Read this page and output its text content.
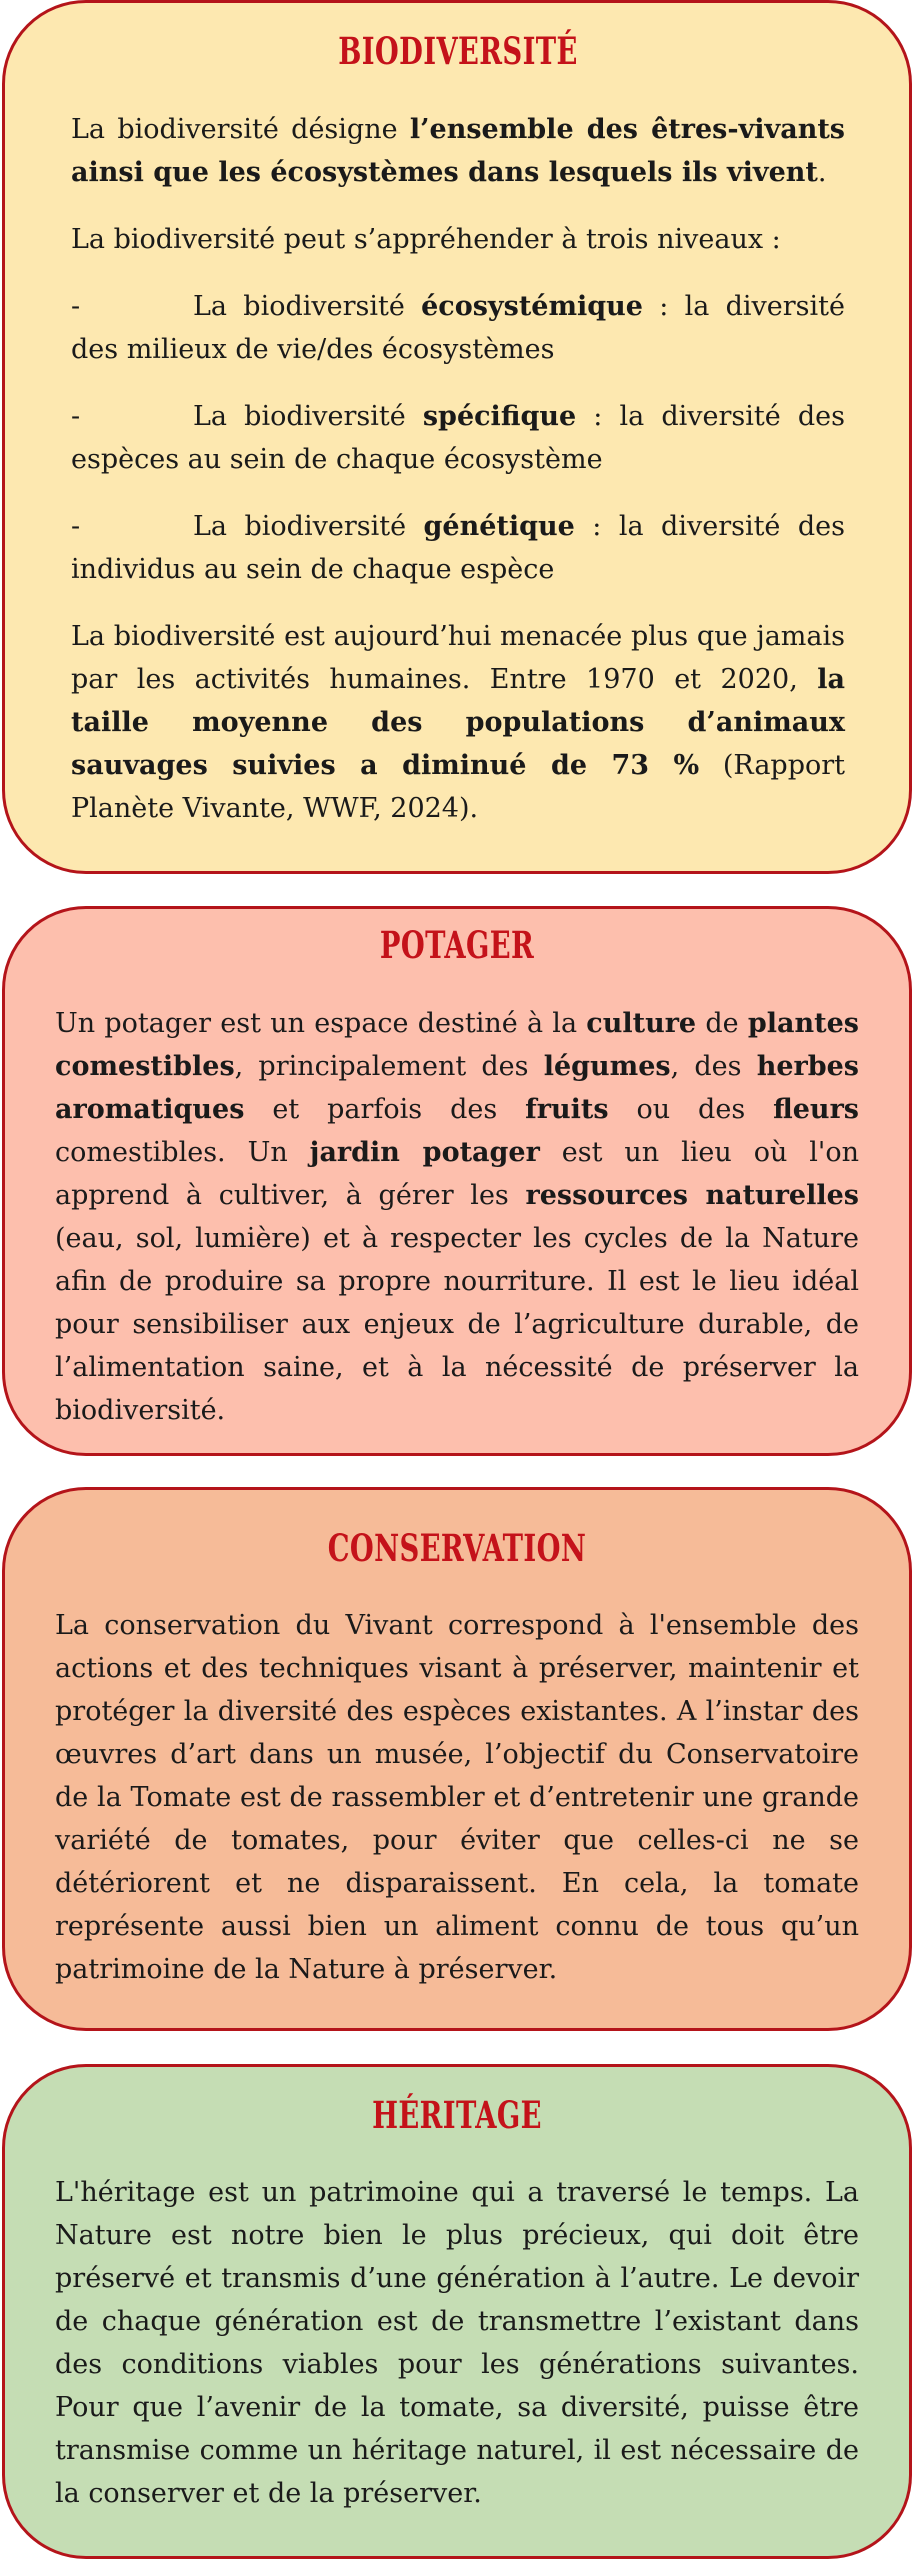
BIODIVERSITÉ

La biodiversité désigne l’ensemble des êtres-vivants ainsi que les écosystèmes dans lesquels ils vivent.

La biodiversité peut s’appréhender à trois niveaux :

-	La biodiversité écosystémique : la diversité des milieux de vie/des écosystèmes

-	La biodiversité spécifique : la diversité des espèces au sein de chaque écosystème

-	La biodiversité génétique : la diversité des individus au sein de chaque espèce

La biodiversité est aujourd’hui menacée plus que jamais par les activités humaines. Entre 1970 et 2020, la taille moyenne des populations d’animaux sauvages suivies a diminué de 73 % (Rapport Planète Vivante, WWF, 2024).

POTAGER

Un potager est un espace destiné à la culture de plantes comestibles, principalement des légumes, des herbes aromatiques et parfois des fruits ou des fleurs comestibles. Un jardin potager est un lieu où l'on apprend à cultiver, à gérer les ressources naturelles (eau, sol, lumière) et à respecter les cycles de la Nature afin de produire sa propre nourriture. Il est le lieu idéal pour sensibiliser aux enjeux de l’agriculture durable, de l’alimentation saine, et à la nécessité de préserver la biodiversité.

CONSERVATION

La conservation du Vivant correspond à l'ensemble des actions et des techniques visant à préserver, maintenir et protéger la diversité des espèces existantes. A l’instar des œuvres d’art dans un musée, l’objectif du Conservatoire de la Tomate est de rassembler et d’entretenir une grande variété de tomates, pour éviter que celles-ci ne se détériorent et ne disparaissent. En cela, la tomate représente aussi bien un aliment connu de tous qu’un patrimoine de la Nature à préserver.

HÉRITAGE

L'héritage est un patrimoine qui a traversé le temps. La Nature est notre bien le plus précieux, qui doit être préservé et transmis d’une génération à l’autre. Le devoir de chaque génération est de transmettre l’existant dans des conditions viables pour les générations suivantes. Pour que l’avenir de la tomate, sa diversité, puisse être transmise comme un héritage naturel, il est nécessaire de la conserver et de la préserver.
